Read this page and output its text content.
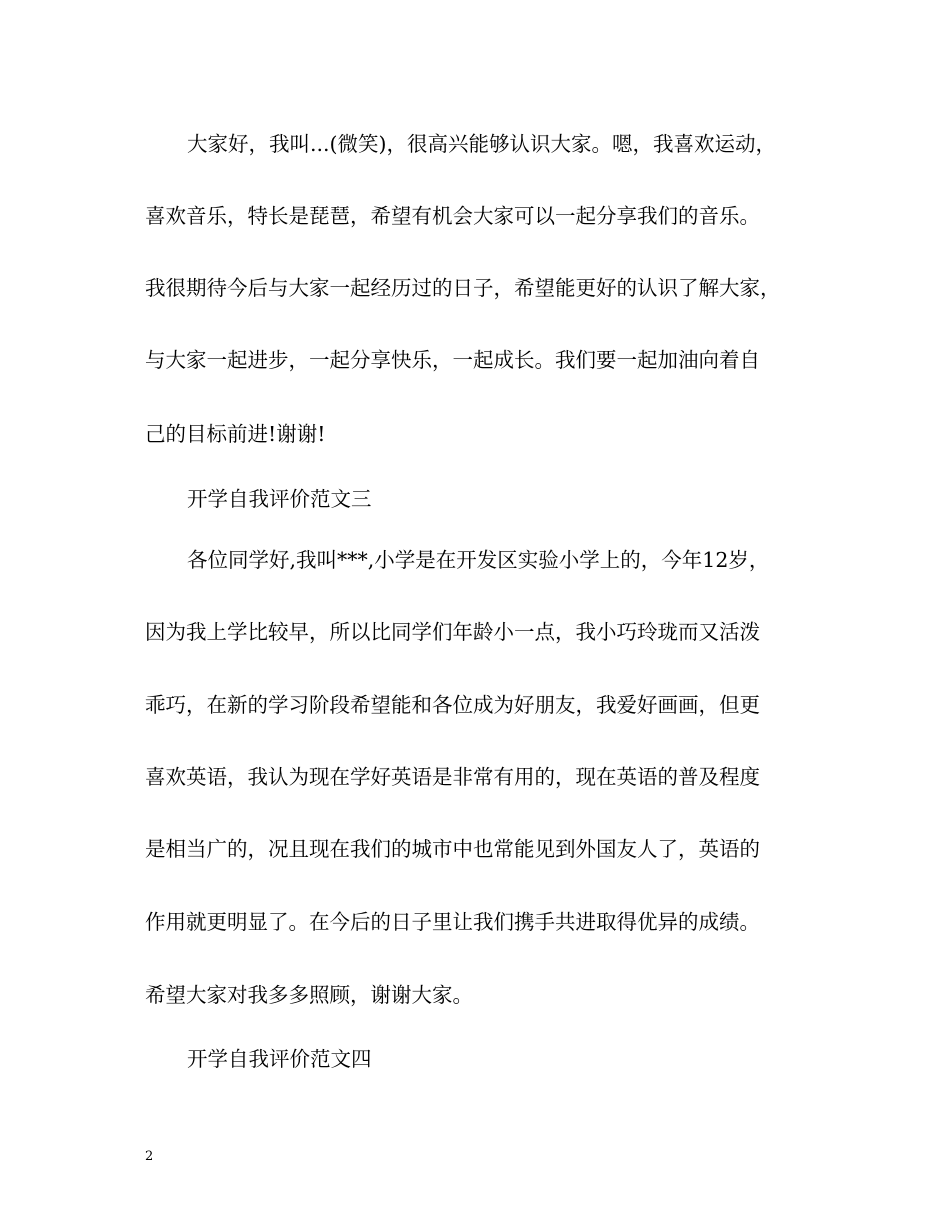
大家好，我叫...(微笑)，很高兴能够认识大家。嗯，我喜欢运动，
喜欢音乐，特长是琵琶，希望有机会大家可以一起分享我们的音乐。
我很期待今后与大家一起经历过的日子，希望能更好的认识了解大家，
与大家一起进步，一起分享快乐，一起成长。我们要一起加油向着自
己的目标前进!谢谢!
开学自我评价范文三
各位同学好,我叫***,小学是在开发区实验小学上的，今年12岁，
因为我上学比较早，所以比同学们年龄小一点，我小巧玲珑而又活泼
乖巧，在新的学习阶段希望能和各位成为好朋友，我爱好画画，但更
喜欢英语，我认为现在学好英语是非常有用的，现在英语的普及程度
是相当广的，况且现在我们的城市中也常能见到外国友人了，英语的
作用就更明显了。在今后的日子里让我们携手共进取得优异的成绩。
希望大家对我多多照顾，谢谢大家。
开学自我评价范文四
2
